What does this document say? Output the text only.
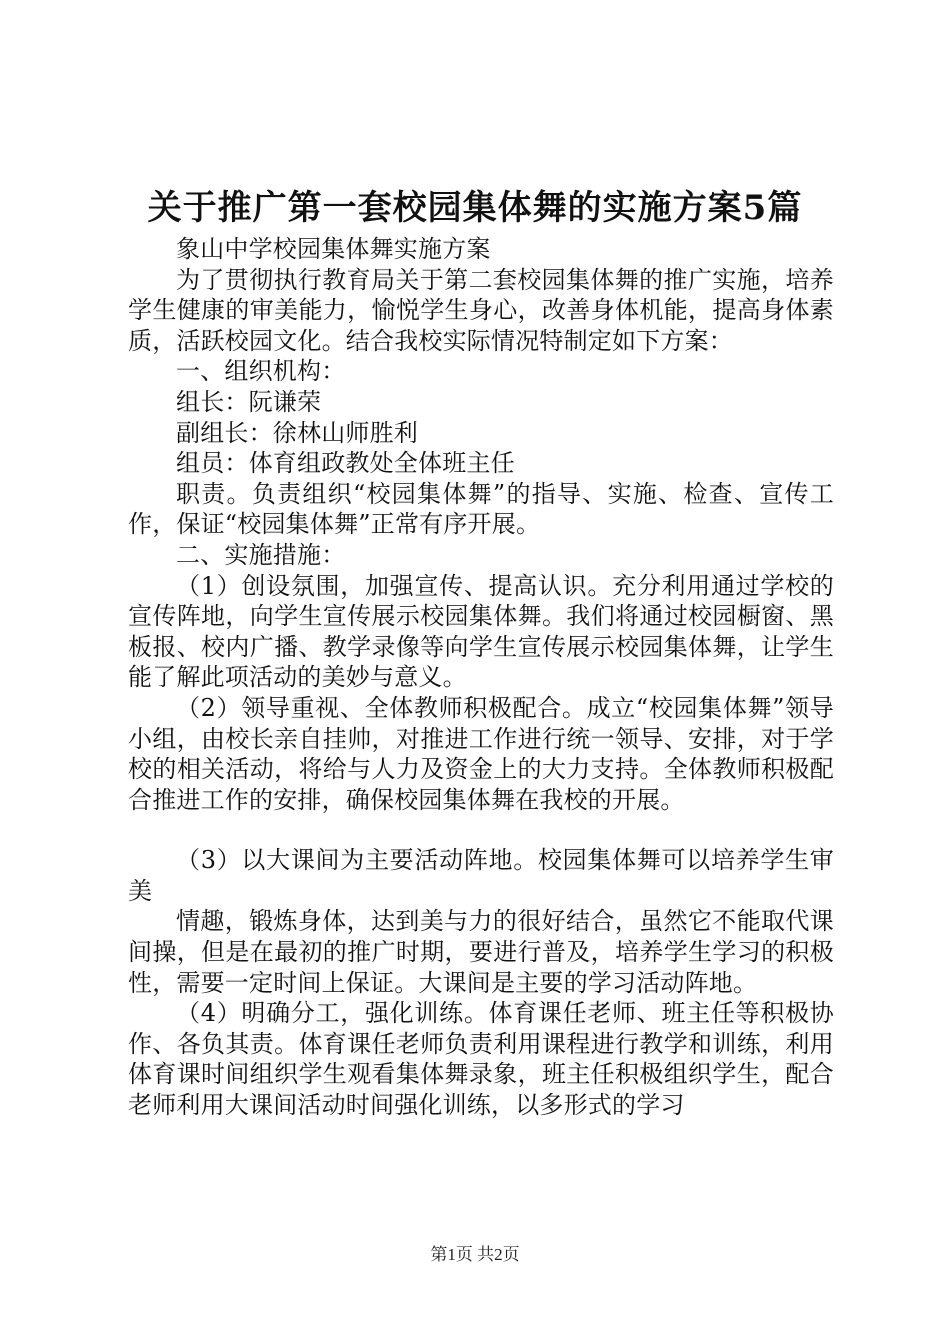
关于推广第一套校园集体舞的实施方案5篇

象山中学校园集体舞实施方案

为了贯彻执行教育局关于第二套校园集体舞的推广实施，培养学生健康的审美能力，愉悦学生身心，改善身体机能，提高身体素质，活跃校园文化。结合我校实际情况特制定如下方案：

一、组织机构：

组长：阮谦荣

副组长：徐林山师胜利

组员：体育组政教处全体班主任

职责。负责组织“校园集体舞”的指导、实施、检查、宣传工作，保证“校园集体舞”正常有序开展。

二、实施措施：

（1）创设氛围，加强宣传、提高认识。充分利用通过学校的宣传阵地，向学生宣传展示校园集体舞。我们将通过校园橱窗、黑板报、校内广播、教学录像等向学生宣传展示校园集体舞，让学生能了解此项活动的美妙与意义。

（2）领导重视、全体教师积极配合。成立“校园集体舞”领导小组，由校长亲自挂帅，对推进工作进行统一领导、安排，对于学校的相关活动，将给与人力及资金上的大力支持。全体教师积极配合推进工作的安排，确保校园集体舞在我校的开展。

（3）以大课间为主要活动阵地。校园集体舞可以培养学生审美

情趣，锻炼身体，达到美与力的很好结合，虽然它不能取代课间操，但是在最初的推广时期，要进行普及，培养学生学习的积极性，需要一定时间上保证。大课间是主要的学习活动阵地。

（4）明确分工，强化训练。体育课任老师、班主任等积极协作、各负其责。体育课任老师负责利用课程进行教学和训练，利用体育课时间组织学生观看集体舞录象，班主任积极组织学生，配合老师利用大课间活动时间强化训练，以多形式的学习

第1页 共2页
